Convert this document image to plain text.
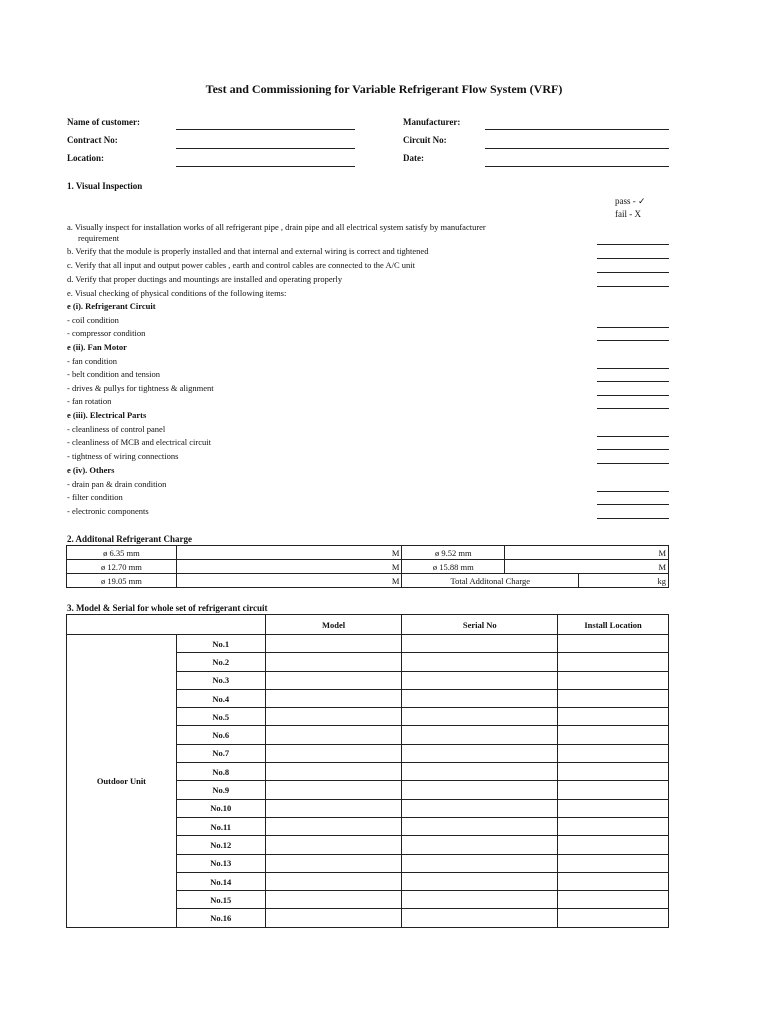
Test and Commissioning for Variable Refrigerant Flow System (VRF)
Name of customer:	Manufacturer:
Contract No:	Circuit No:
Location:	Date:
1. Visual Inspection
pass - ✓
fail - X
a. Visually inspect for installation works of all refrigerant pipe , drain pipe and all electrical system satisfy by manufacturer
requirement
b. Verify that the module is properly installed and that internal and external wiring is correct and tightened
c. Verify that all input and output power cables , earth and control cables are connected to the A/C unit
d. Verify that proper ductings and mountings are installed and operating properly
e. Visual checking of physical conditions of the following items:
e (i). Refrigerant Circuit
- coil condition
- compressor condition
e (ii). Fan Motor
- fan condition
- belt condition and tension
- drives & pullys for tightness & alignment
- fan rotation
e (iii). Electrical Parts
- cleanliness of control panel
- cleanliness of MCB and electrical circuit
- tightness of wiring connections
e (iv). Others
- drain pan & drain condition
- filter condition
- electronic components
2. Additonal Refrigerant Charge
ø 6.35 mm	M	ø 9.52 mm	M	
ø 12.70 mm	M	ø 15.88 mm	M	
ø 19.05 mm	M	Total Additonal Charge		kg
3. Model & Serial for whole set of refrigerant circuit
		Model	Serial No	Install Location
Outdoor Unit	No.1			
	No.2			
	No.3			
	No.4			
	No.5			
	No.6			
	No.7			
	No.8			
	No.9			
	No.10			
	No.11			
	No.12			
	No.13			
	No.14			
	No.15			
	No.16			
